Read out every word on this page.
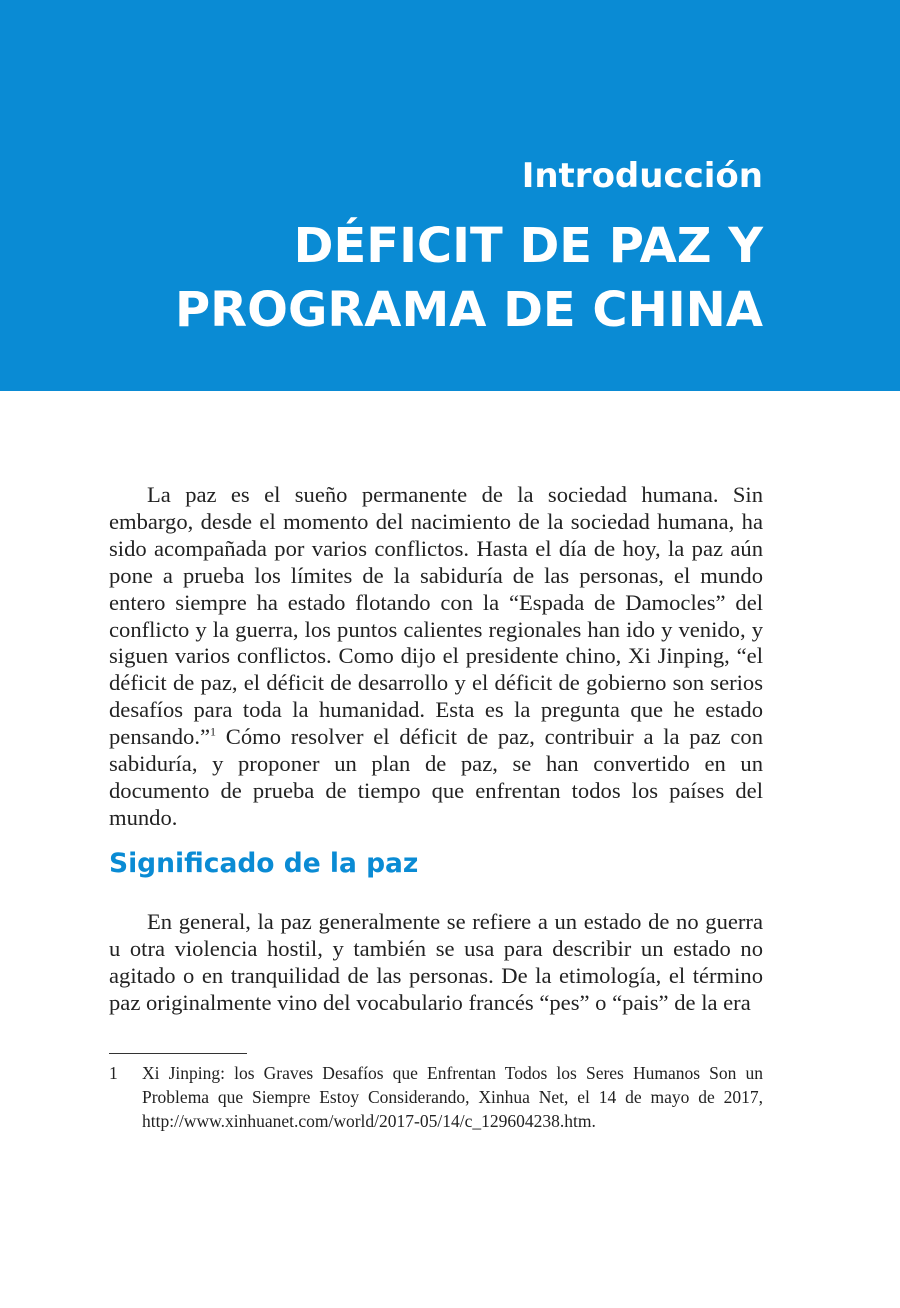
Introducción
DÉFICIT DE PAZ Y
PROGRAMA DE CHINA

La paz es el sueño permanente de la sociedad humana. Sin embargo, desde el momento del nacimiento de la sociedad humana, ha sido acompañada por varios conflictos. Hasta el día de hoy, la paz aún pone a prueba los límites de la sabiduría de las personas, el mundo entero siempre ha estado flotando con la “Espada de Damocles” del conflicto y la guerra, los puntos calientes regionales han ido y venido, y siguen varios conflictos. Como dijo el presidente chino, Xi Jinping, “el déficit de paz, el déficit de desarrollo y el déficit de gobierno son serios desafíos para toda la humanidad. Esta es la pregunta que he estado pensando.”$^1$ Cómo resolver el déficit de paz, contribuir a la paz con sabiduría, y proponer un plan de paz, se han convertido en un documento de prueba de tiempo que enfrentan todos los países del mundo.

Significado de la paz

En general, la paz generalmente se refiere a un estado de no guerra u otra violencia hostil, y también se usa para describir un estado no agitado o en tranquilidad de las personas. De la etimología, el término paz originalmente vino del vocabulario francés “pes” o “pais” de la era

1 Xi Jinping: los Graves Desafíos que Enfrentan Todos los Seres Humanos Son un Problema que Siempre Estoy Considerando, Xinhua Net, el 14 de mayo de 2017, http://www.xinhuanet.com/world/2017-05/14/c_129604238.htm.
